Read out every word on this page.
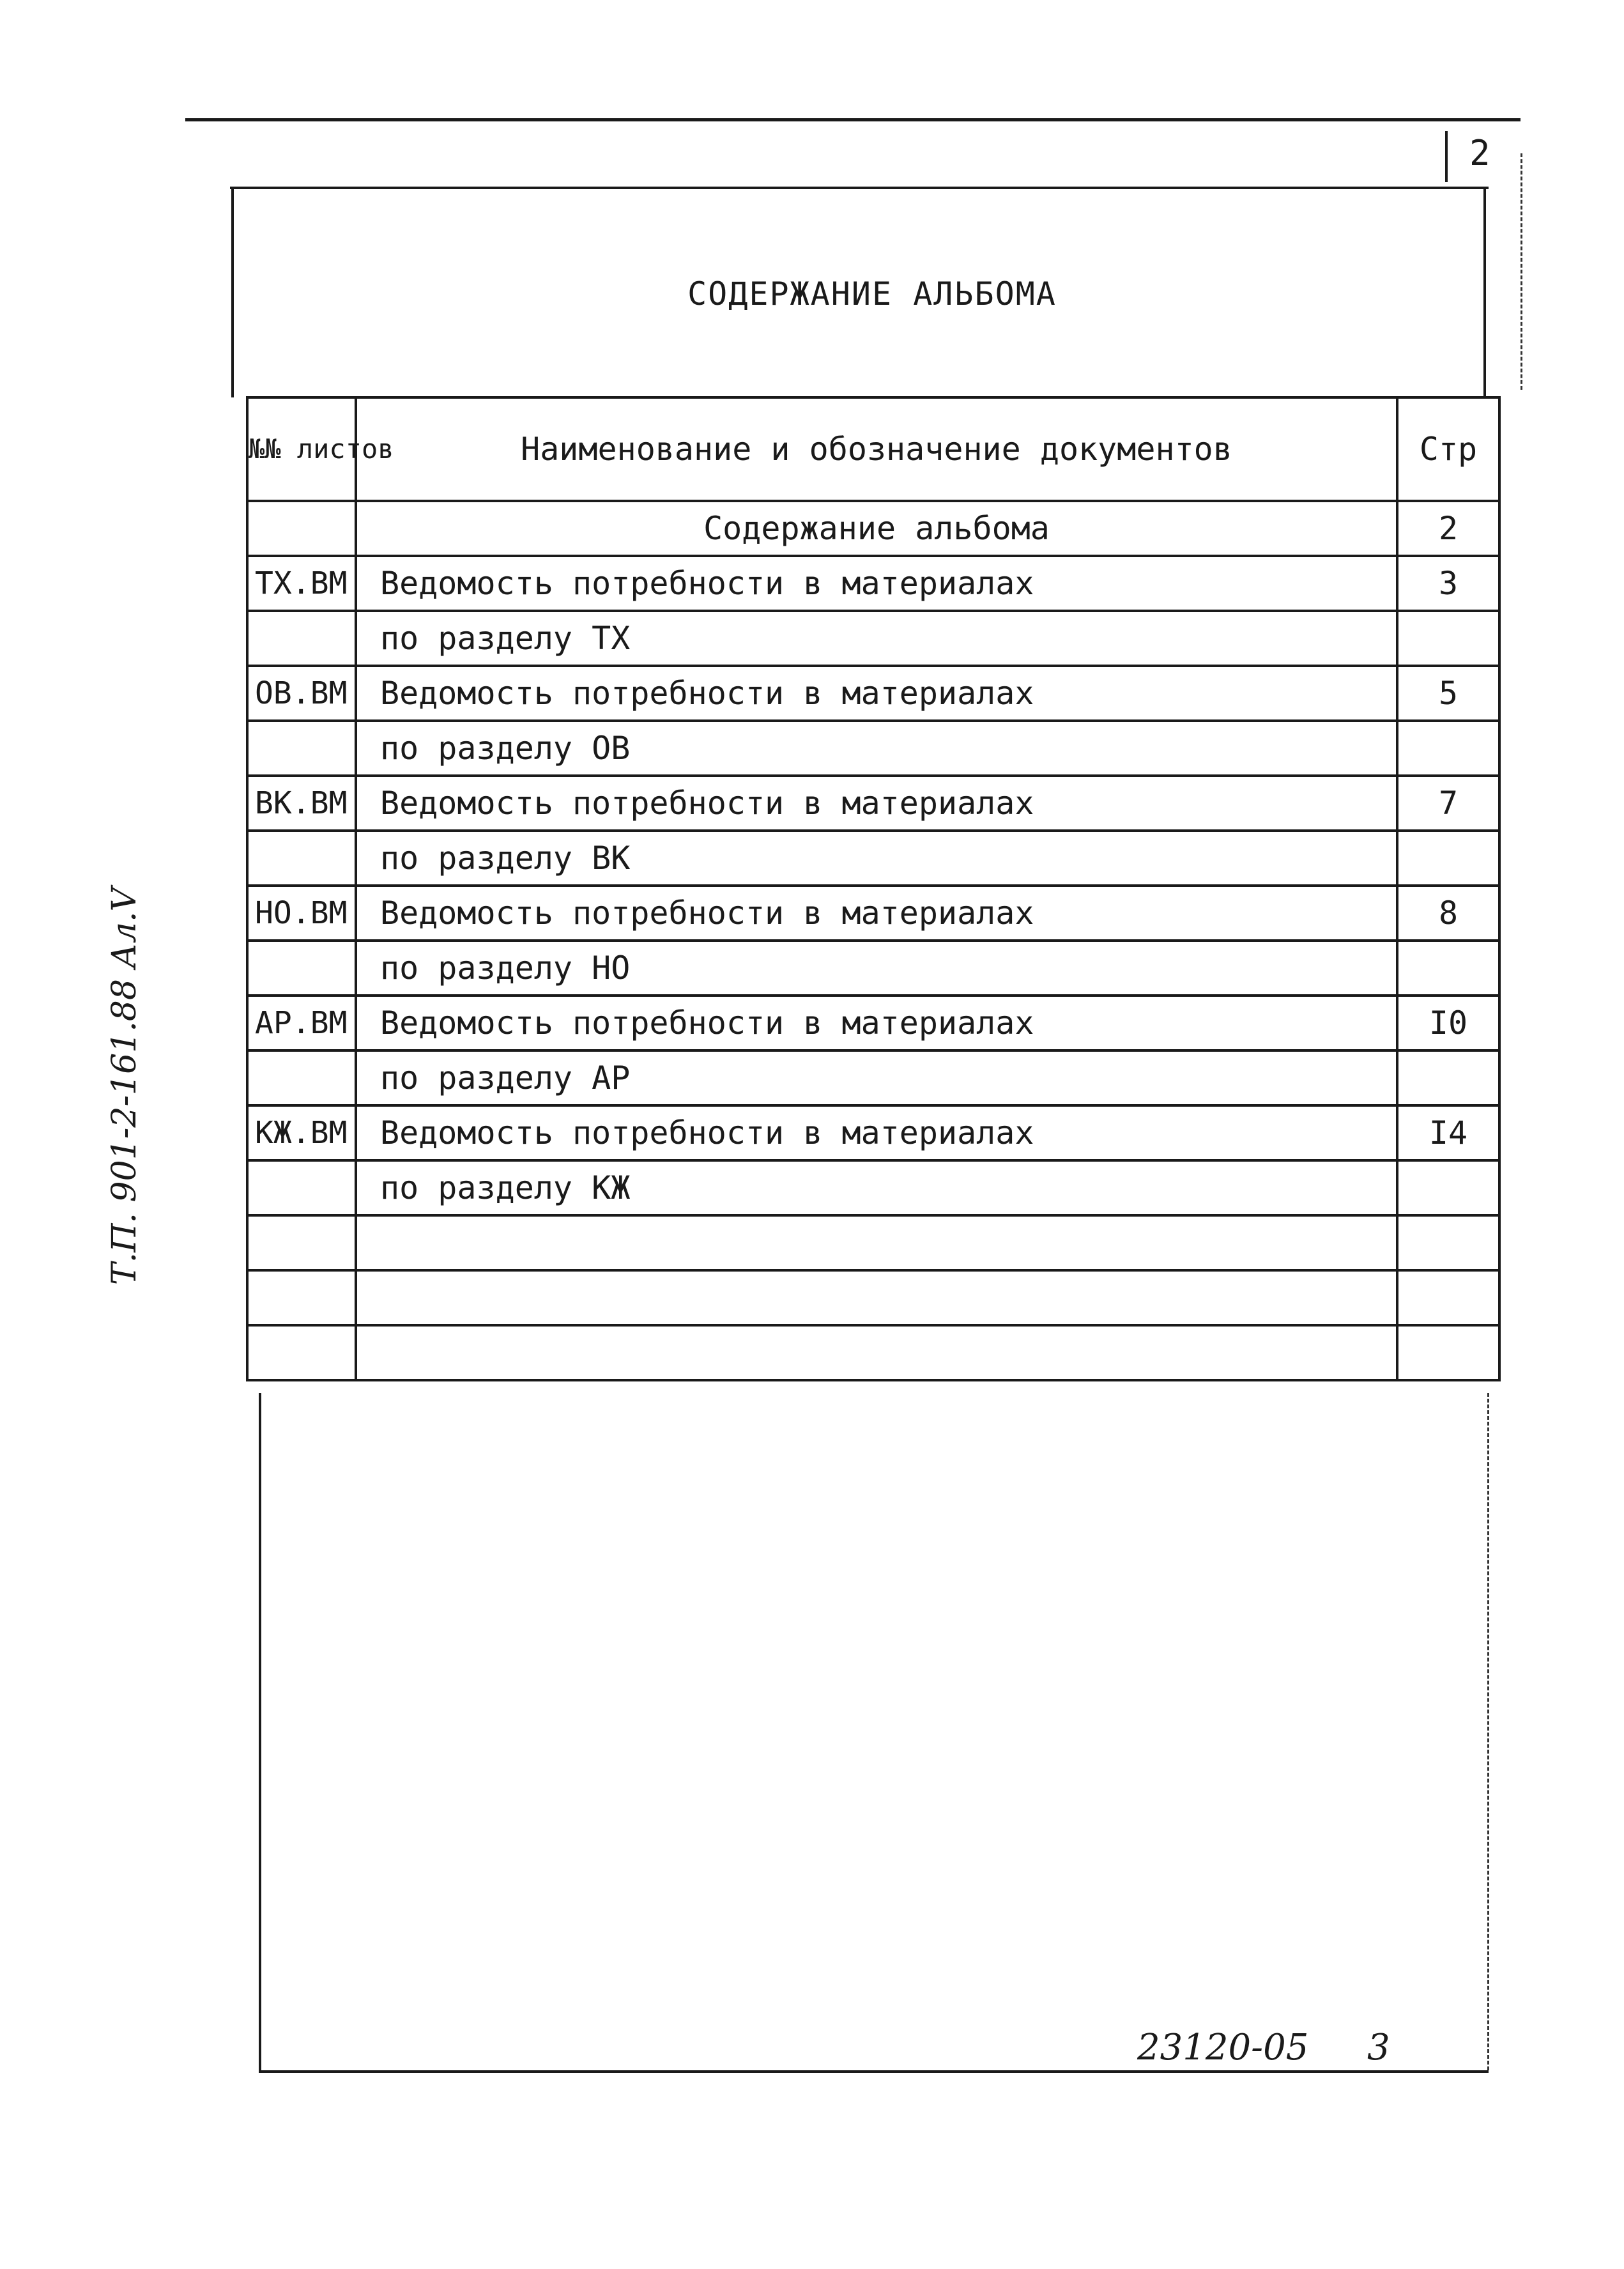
2
СОДЕРЖАНИЕ АЛЬБОМА
№№ листов	Наименование и обозначение документов	Стр
	Содержание альбома	2
ТХ.ВМ	Ведомость потребности в материалах	3
	по разделу ТХ	
ОВ.ВМ	Ведомость потребности в материалах	5
	по разделу ОВ	
ВК.ВМ	Ведомость потребности в материалах	7
	по разделу ВК	
НО.ВМ	Ведомость потребности в материалах	8
	по разделу НО	
АР.ВМ	Ведомость потребности в материалах	I0
	по разделу АР	
КЖ.ВМ	Ведомость потребности в материалах	I4
	по разделу КЖ	

Т.П. 901-2-161.88 Ал.V
23120-05 3
